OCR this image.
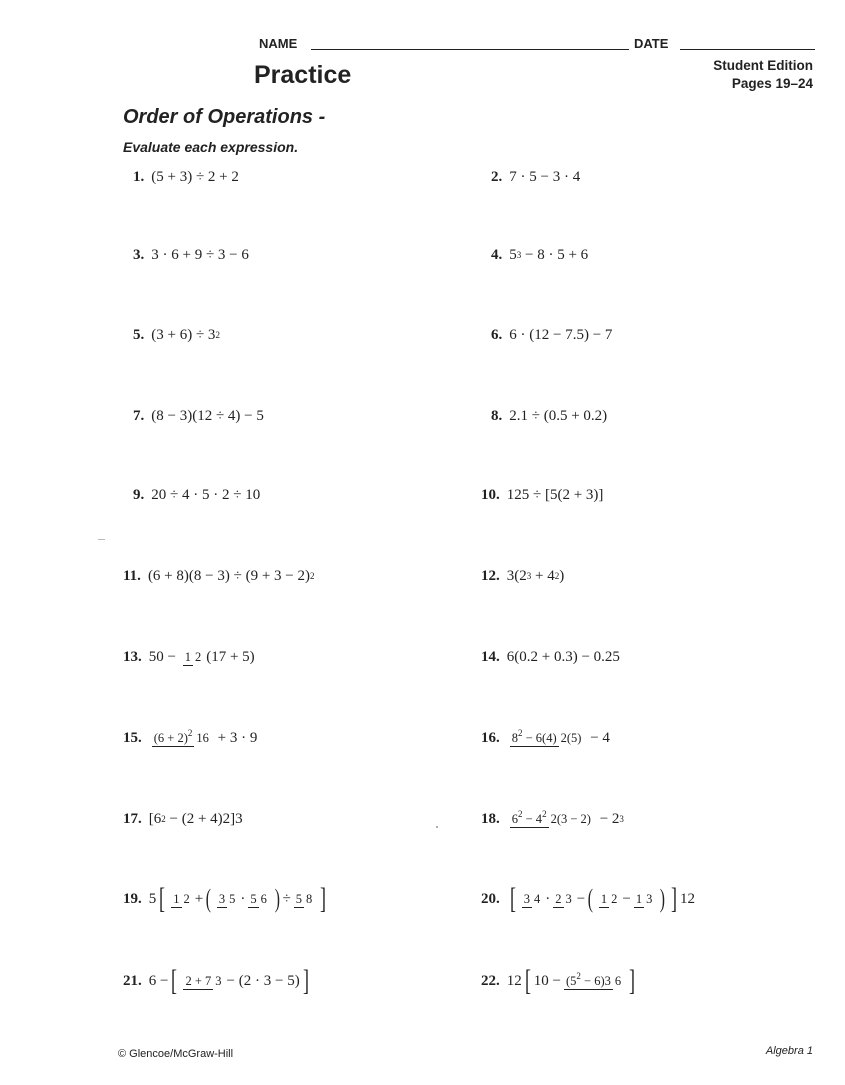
NAME	DATE
Practice	Student Edition
Pages 19–24
Order of Operations -
Evaluate each expression.
1. (5 + 3) ÷ 2 + 2	2. 7 · 5 − 3 · 4
3. 3 · 6 + 9 ÷ 3 − 6	4. 5 3 − 8 · 5 + 6
5. (3 + 6) ÷ 3 2	6. 6 · (12 − 7.5) − 7
7. (8 − 3)(12 ÷ 4) − 5	8. 2.1 ÷ (0.5 + 0.2)
9. 20 ÷ 4 · 5 · 2 ÷ 10	10. 125 ÷ [5(2 + 3)]
11. (6 + 8)(8 − 3) ÷ (9 + 3 − 2) 2	12. 3(2 3 + 4 2 )
13. 50 − 1 2 (17 + 5)	14. 6(0.2 + 0.3) − 0.25
15. $(6 + 2)^2$ 16 + 3 · 9	16. $8^2 - 6(4) 2(5) - 4$
17. [6 2 − (2 + 4)2]3	18. $6^2 - 4^2$ 2(3 − 2) − 2 3
19. 5 [ 1 2 + ( 3 5 · 5 6 ) ÷ 5 8 ]	20. [ 3 4 · 2 3 − ( 1 2 − 1 3 ) ] 12
21. 6 − [ 2 + 7 3 − (2 · 3 − 5) ]	22. 12 [ $10 - (5^2 - 6)3$ 6 ]
© Glencoe/McGraw-Hill	Algebra 1
